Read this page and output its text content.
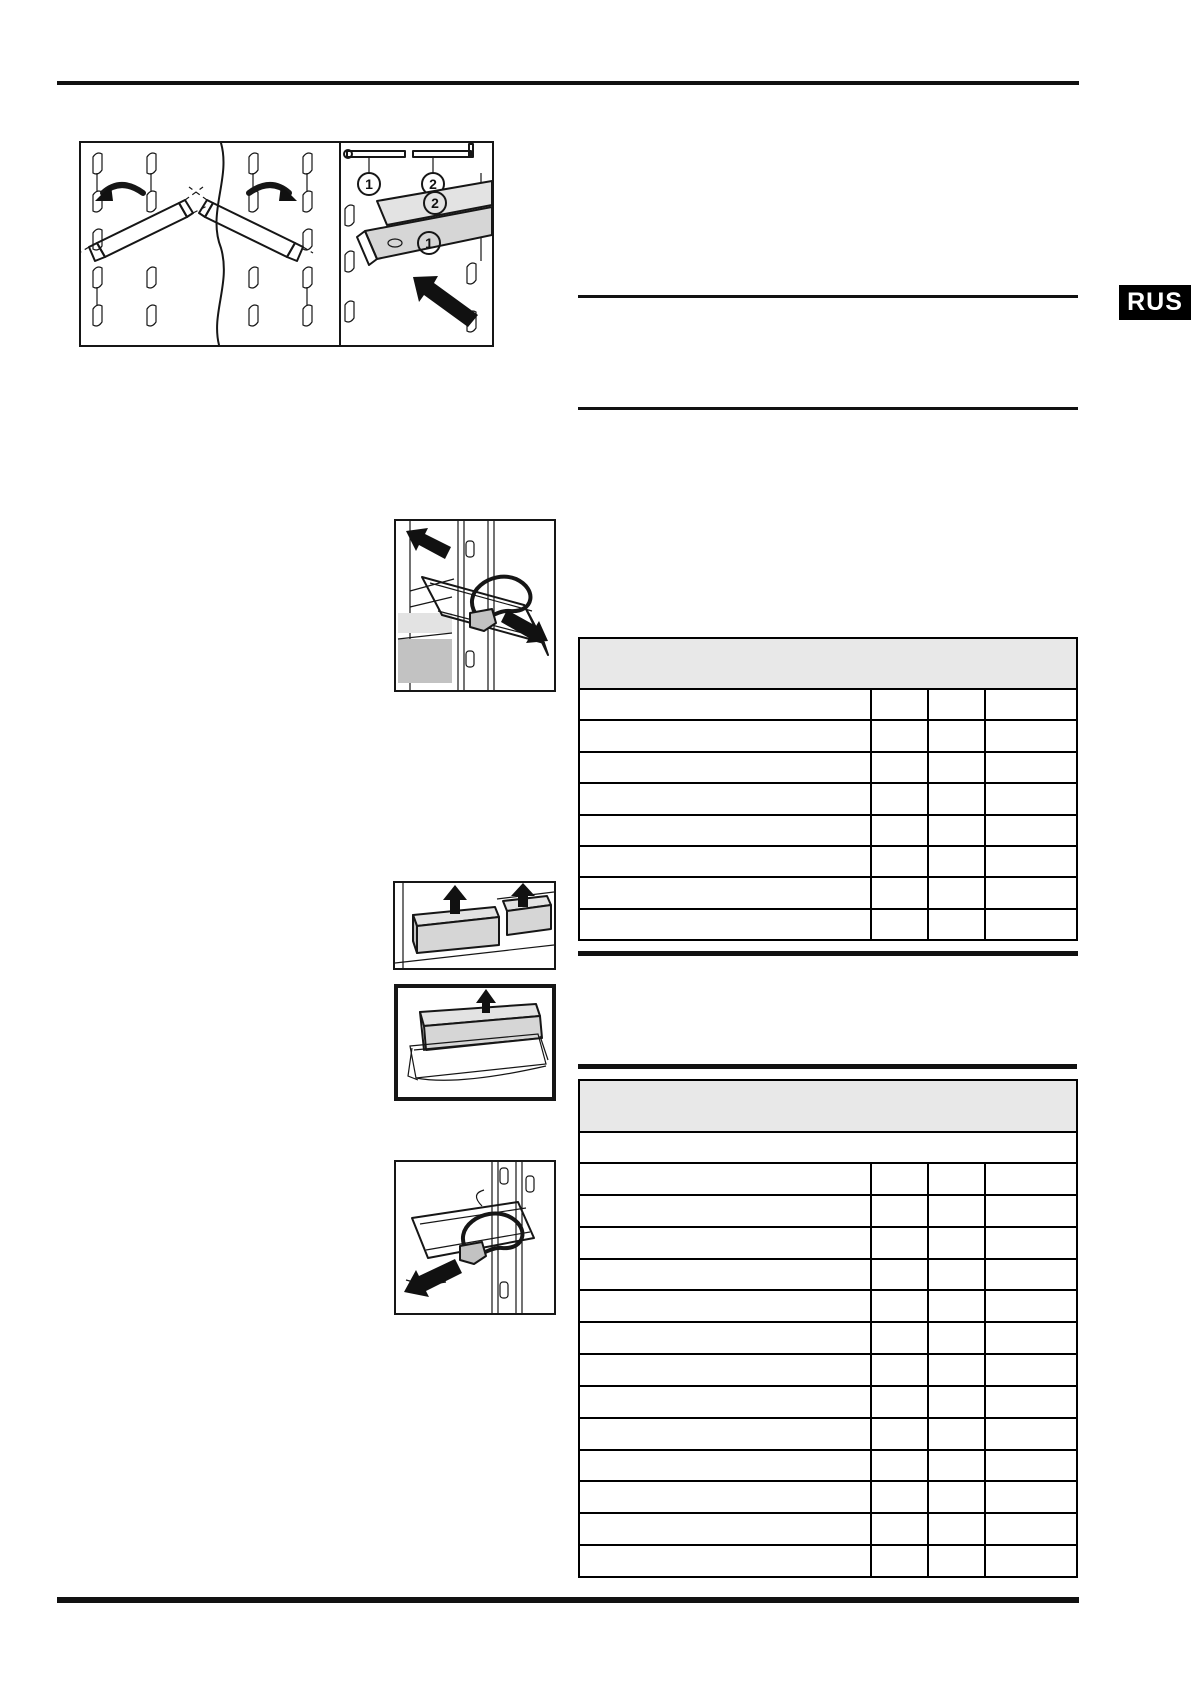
RUS
1	2
2
1
